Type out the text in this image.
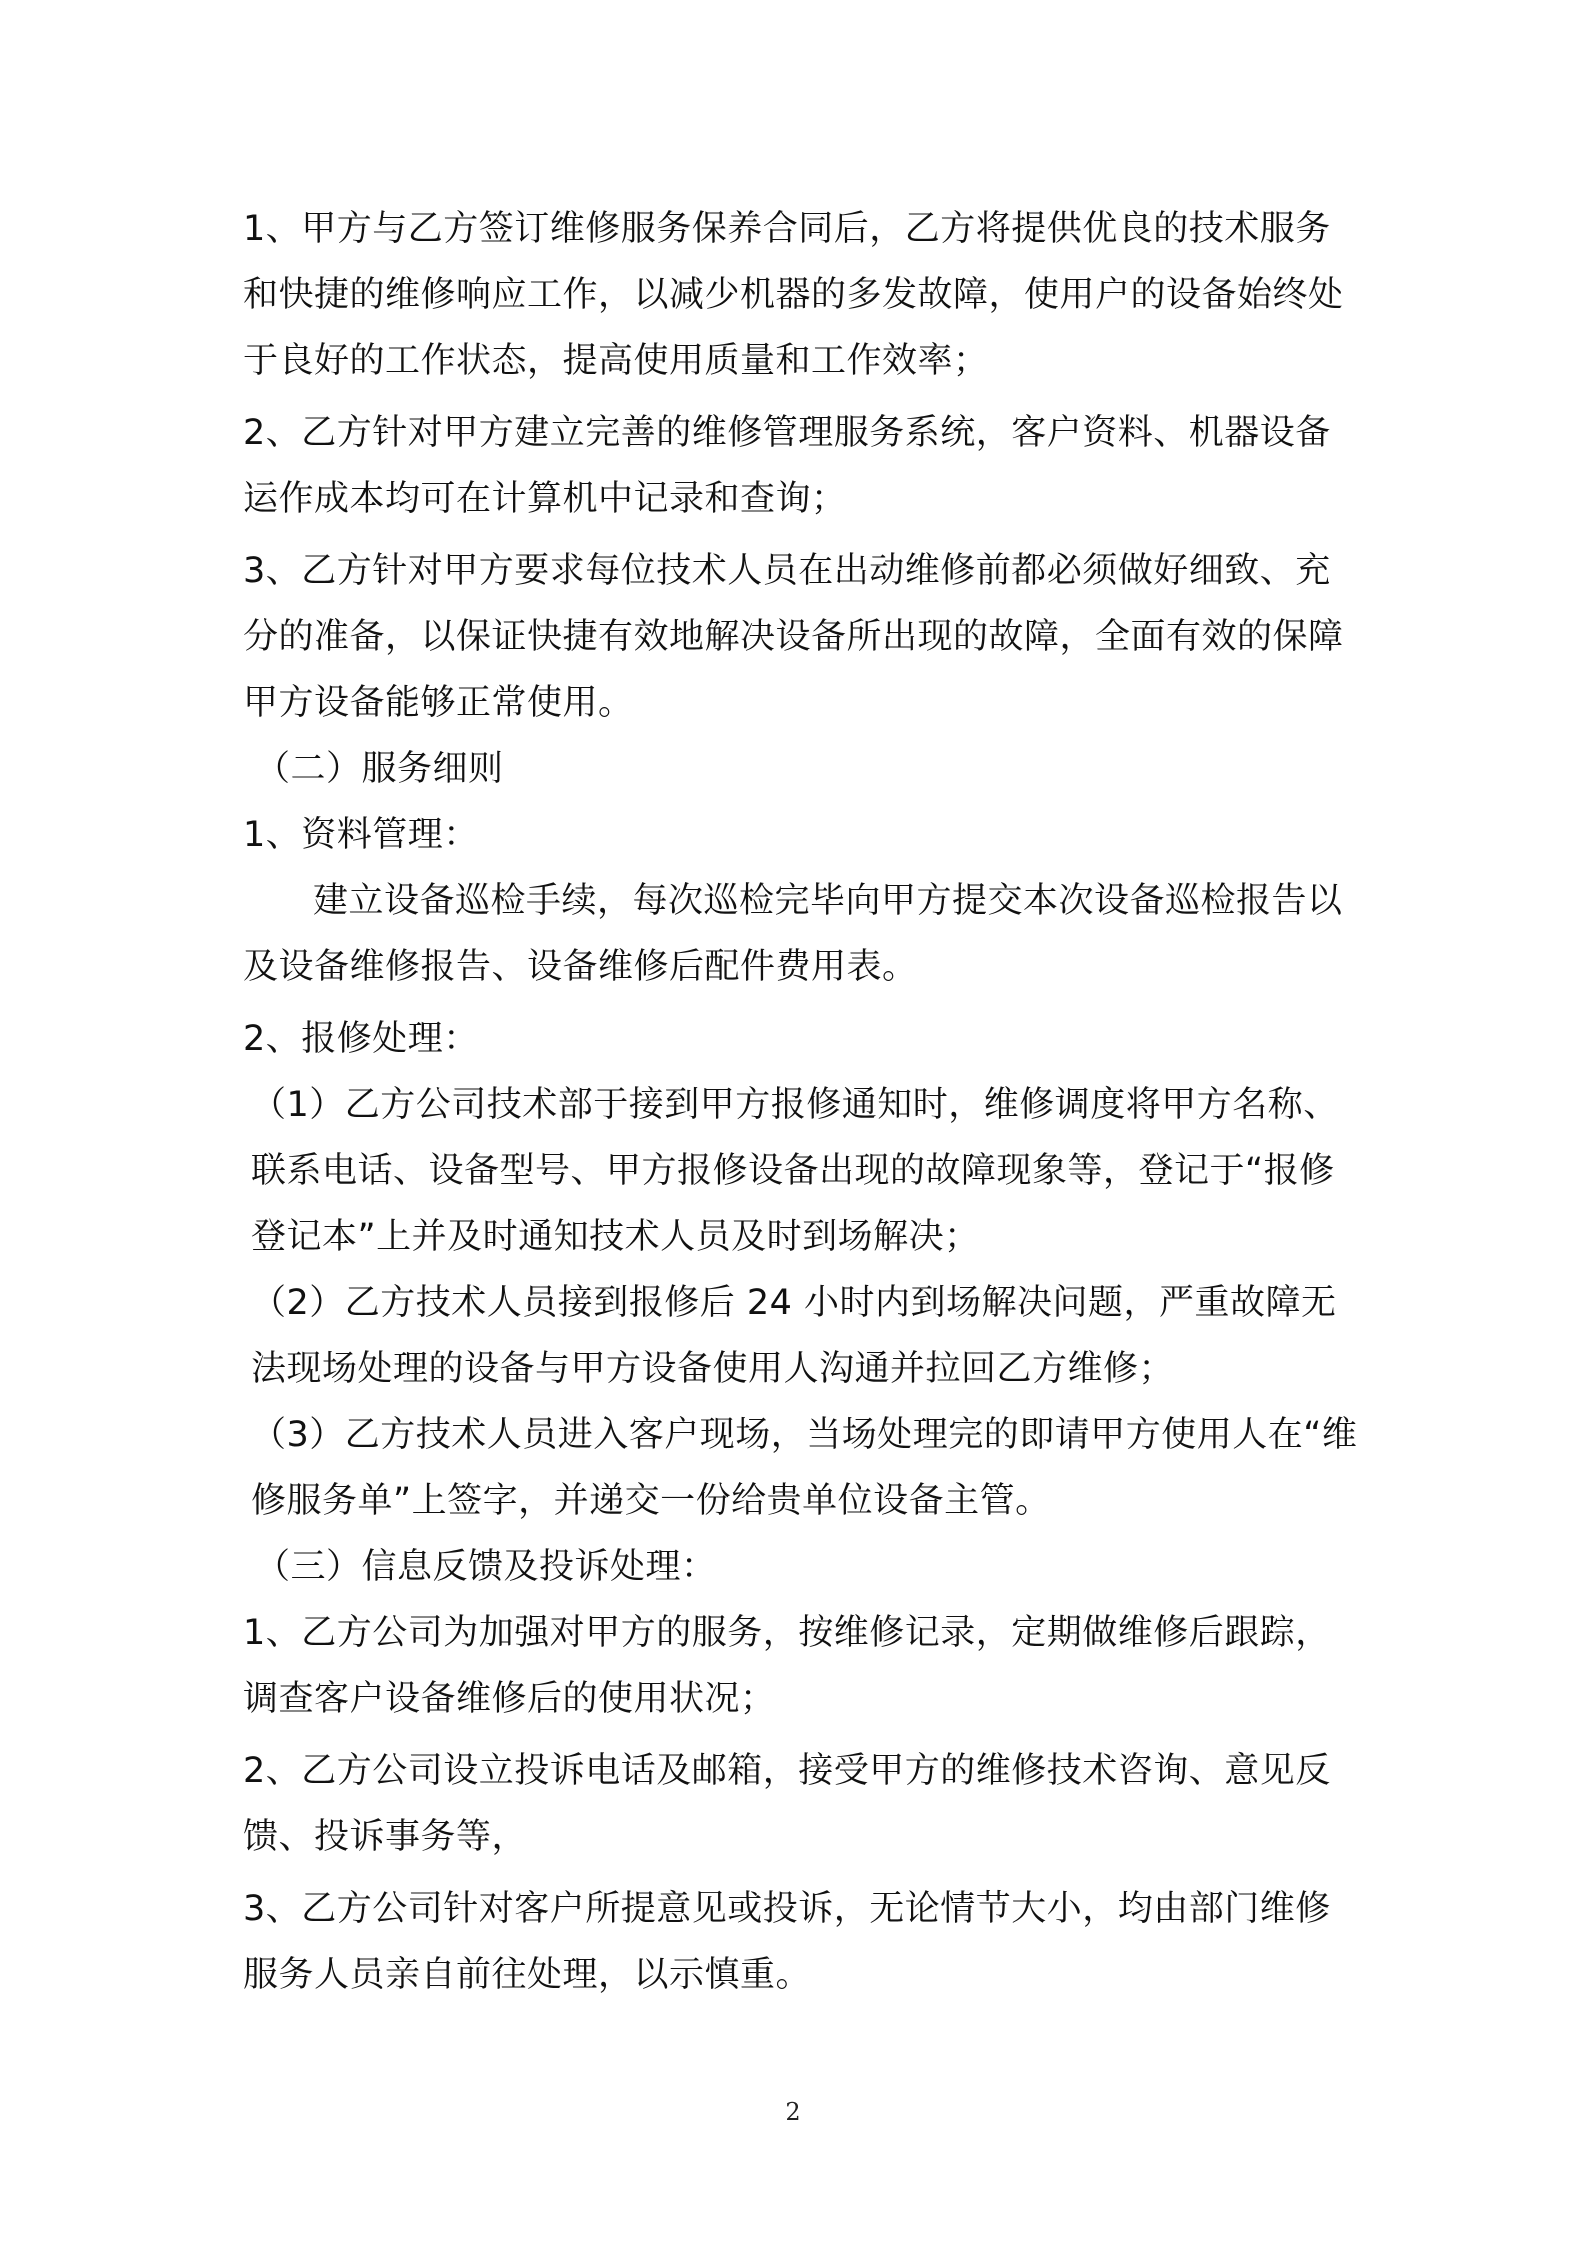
1、甲方与乙方签订维修服务保养合同后，乙方将提供优良的技术服务和快捷的维修响应工作，以减少机器的多发故障，使用户的设备始终处于良好的工作状态，提高使用质量和工作效率；

2、乙方针对甲方建立完善的维修管理服务系统，客户资料、机器设备运作成本均可在计算机中记录和查询；

3、乙方针对甲方要求每位技术人员在出动维修前都必须做好细致、充分的准备，以保证快捷有效地解决设备所出现的故障，全面有效的保障甲方设备能够正常使用。

（二）服务细则

1、资料管理：

建立设备巡检手续，每次巡检完毕向甲方提交本次设备巡检报告以及设备维修报告、设备维修后配件费用表。

2、报修处理：

（1）乙方公司技术部于接到甲方报修通知时，维修调度将甲方名称、联系电话、设备型号、甲方报修设备出现的故障现象等，登记于“报修登记本”上并及时通知技术人员及时到场解决；

（2）乙方技术人员接到报修后 24 小时内到场解决问题，严重故障无法现场处理的设备与甲方设备使用人沟通并拉回乙方维修；

（3）乙方技术人员进入客户现场，当场处理完的即请甲方使用人在“维修服务单”上签字，并递交一份给贵单位设备主管。

（三）信息反馈及投诉处理：

1、乙方公司为加强对甲方的服务，按维修记录，定期做维修后跟踪，调查客户设备维修后的使用状况；

2、乙方公司设立投诉电话及邮箱，接受甲方的维修技术咨询、意见反馈、投诉事务等，

3、乙方公司针对客户所提意见或投诉，无论情节大小，均由部门维修服务人员亲自前往处理，以示慎重。

2
